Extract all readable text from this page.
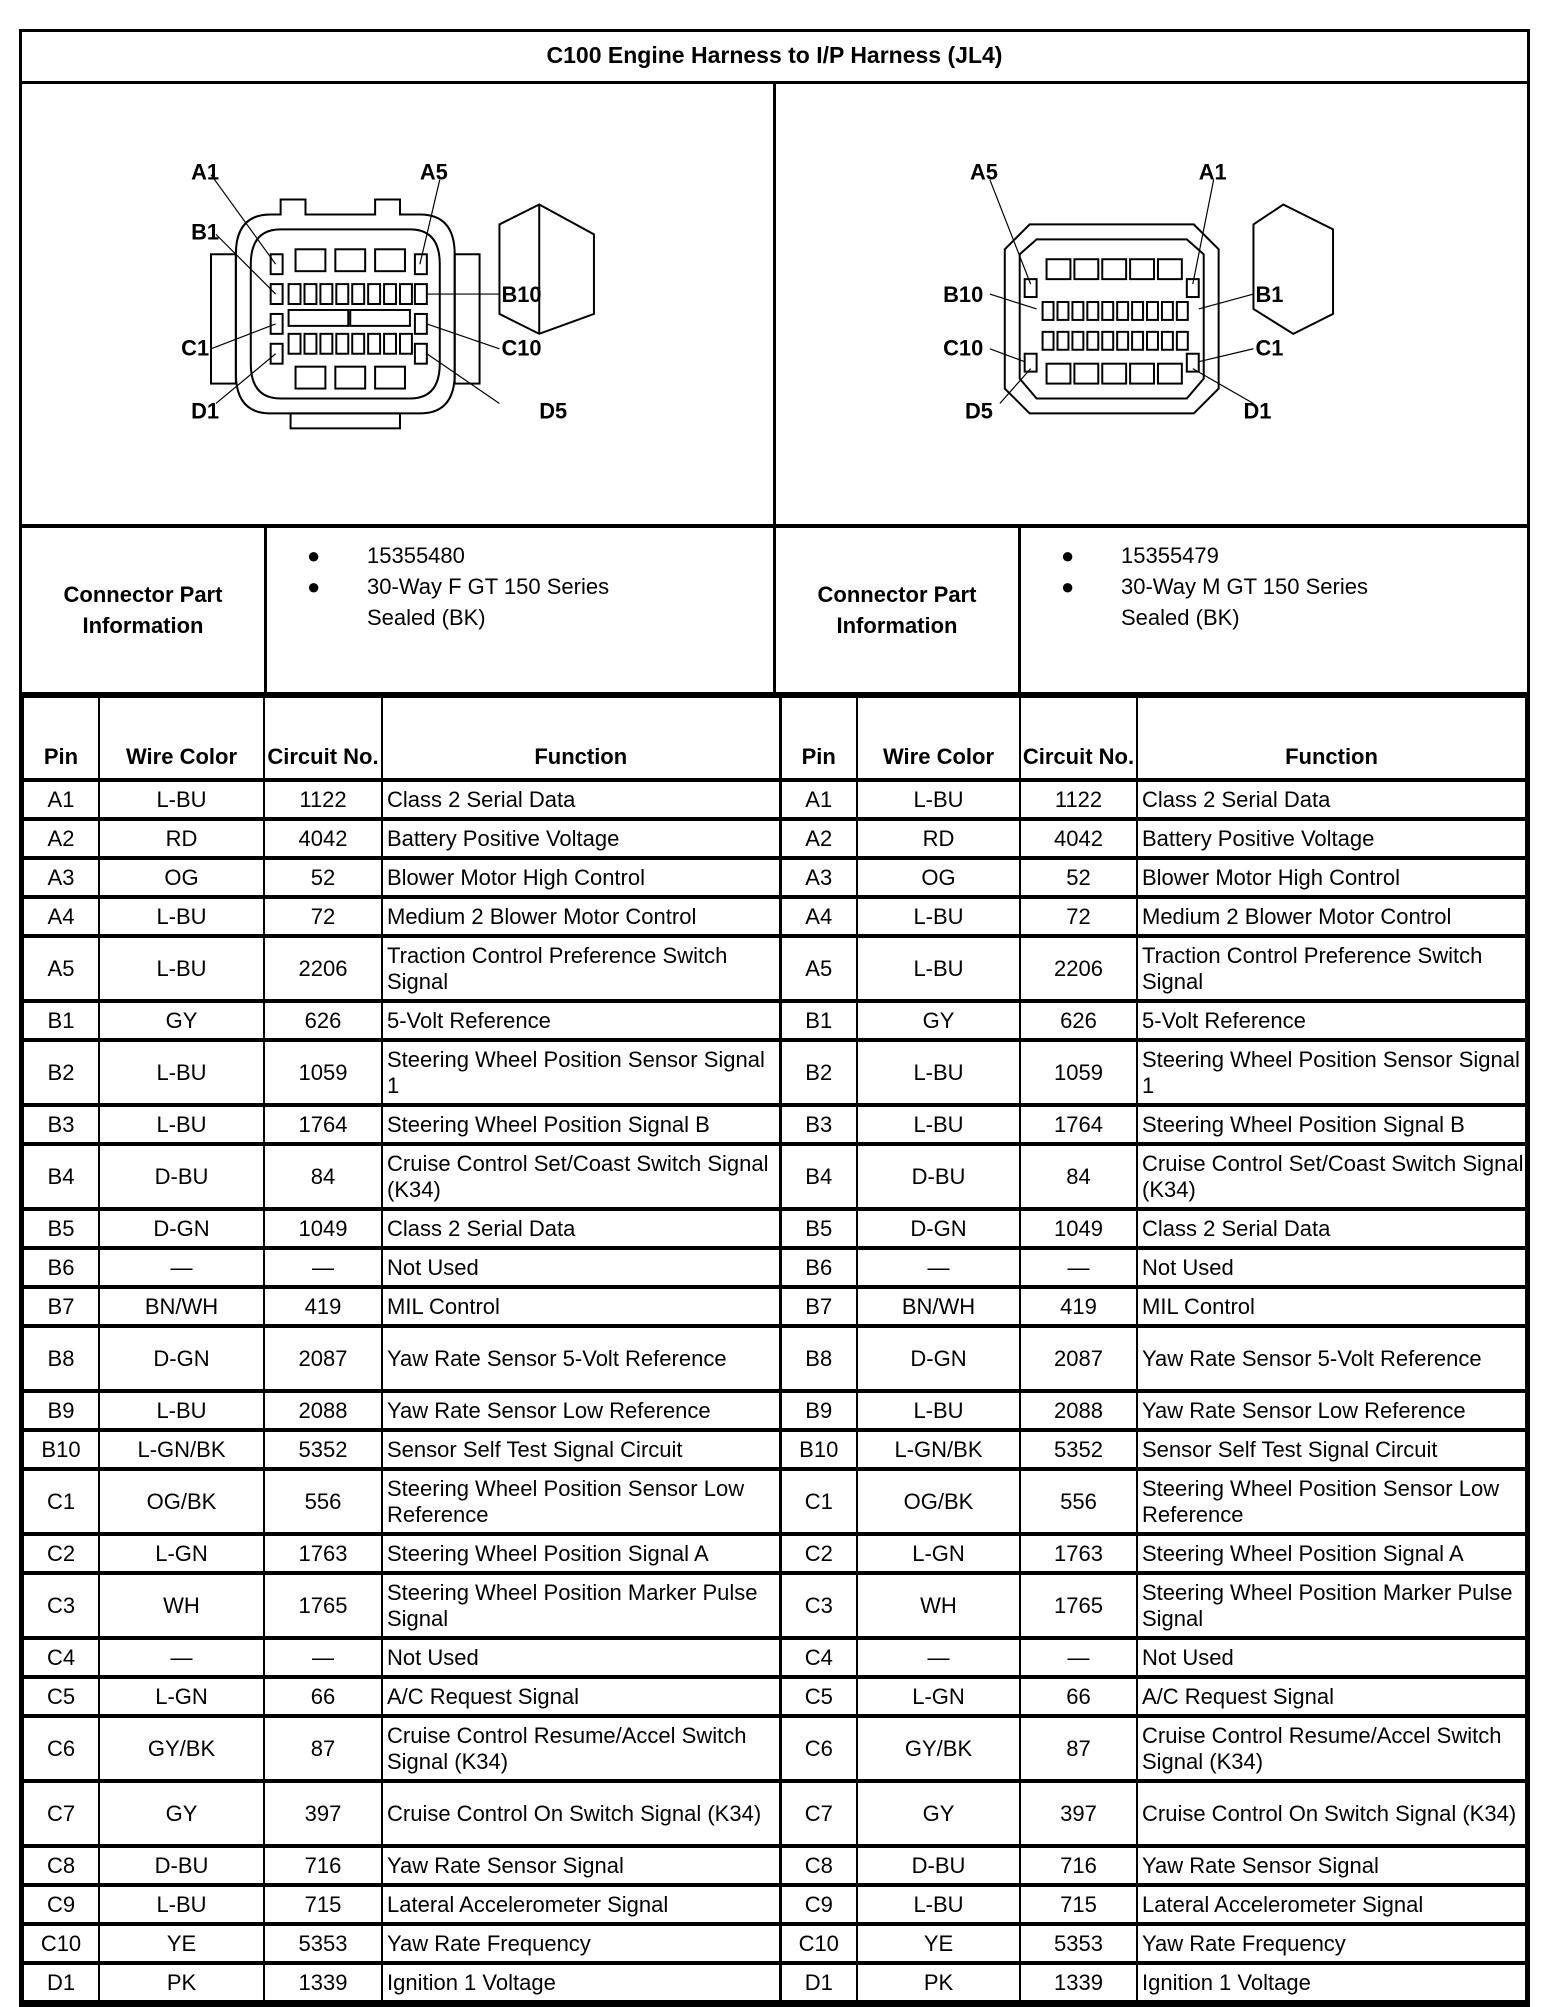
C100 Engine Harness to I/P Harness (JL4)
A1	A5
B1
B10
C1	C10
D1	D5
A5	A1
B1
B10
C1
C10
D5	D1
Connector Part Information
●	15355480
●	30-Way F GT 150 Series Sealed (BK)
Connector Part Information
●	15355479
●	30-Way M GT 150 Series Sealed (BK)
Pin	Wire Color	Circuit No.	Function	Pin	Wire Color	Circuit No.	Function
A1	L-BU	1122	Class 2 Serial Data	A1	L-BU	1122	Class 2 Serial Data
A2	RD	4042	Battery Positive Voltage	A2	RD	4042	Battery Positive Voltage
A3	OG	52	Blower Motor High Control	A3	OG	52	Blower Motor High Control
A4	L-BU	72	Medium 2 Blower Motor Control	A4	L-BU	72	Medium 2 Blower Motor Control
A5	L-BU	2206	Traction Control Preference Switch Signal	A5	L-BU	2206	Traction Control Preference Switch Signal
B1	GY	626	5-Volt Reference	B1	GY	626	5-Volt Reference
B2	L-BU	1059	Steering Wheel Position Sensor Signal 1	B2	L-BU	1059	Steering Wheel Position Sensor Signal 1
B3	L-BU	1764	Steering Wheel Position Signal B	B3	L-BU	1764	Steering Wheel Position Signal B
B4	D-BU	84	Cruise Control Set/Coast Switch Signal (K34)	B4	D-BU	84	Cruise Control Set/Coast Switch Signal (K34)
B5	D-GN	1049	Class 2 Serial Data	B5	D-GN	1049	Class 2 Serial Data
B6	—	—	Not Used	B6	—	—	Not Used
B7	BN/WH	419	MIL Control	B7	BN/WH	419	MIL Control
B8	D-GN	2087	Yaw Rate Sensor 5-Volt Reference	B8	D-GN	2087	Yaw Rate Sensor 5-Volt Reference
B9	L-BU	2088	Yaw Rate Sensor Low Reference	B9	L-BU	2088	Yaw Rate Sensor Low Reference
B10	L-GN/BK	5352	Sensor Self Test Signal Circuit	B10	L-GN/BK	5352	Sensor Self Test Signal Circuit
C1	OG/BK	556	Steering Wheel Position Sensor Low Reference	C1	OG/BK	556	Steering Wheel Position Sensor Low Reference
C2	L-GN	1763	Steering Wheel Position Signal A	C2	L-GN	1763	Steering Wheel Position Signal A
C3	WH	1765	Steering Wheel Position Marker Pulse Signal	C3	WH	1765	Steering Wheel Position Marker Pulse Signal
C4	—	—	Not Used	C4	—	—	Not Used
C5	L-GN	66	A/C Request Signal	C5	L-GN	66	A/C Request Signal
C6	GY/BK	87	Cruise Control Resume/Accel Switch Signal (K34)	C6	GY/BK	87	Cruise Control Resume/Accel Switch Signal (K34)
C7	GY	397	Cruise Control On Switch Signal (K34)	C7	GY	397	Cruise Control On Switch Signal (K34)
C8	D-BU	716	Yaw Rate Sensor Signal	C8	D-BU	716	Yaw Rate Sensor Signal
C9	L-BU	715	Lateral Accelerometer Signal	C9	L-BU	715	Lateral Accelerometer Signal
C10	YE	5353	Yaw Rate Frequency	C10	YE	5353	Yaw Rate Frequency
D1	PK	1339	Ignition 1 Voltage	D1	PK	1339	Ignition 1 Voltage
